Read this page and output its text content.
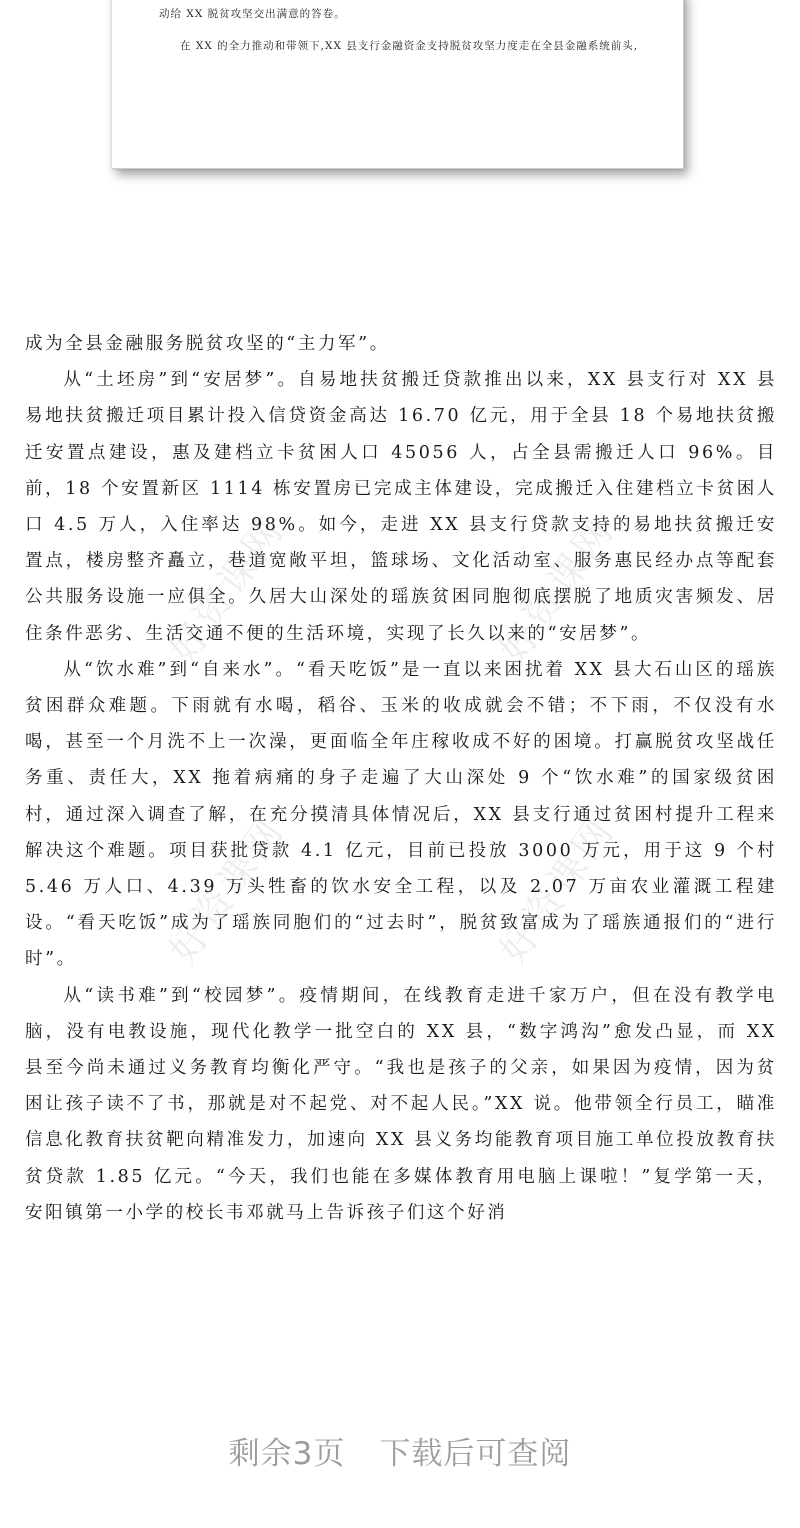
动给 XX 脱贫攻坚交出满意的答卷。
在 XX 的全力推动和带领下,XX 县支行金融资金支持脱贫攻坚力度走在全县金融系统前头,

成为全县金融服务脱贫攻坚的“主力军”。

从“土坯房”到“安居梦”。自易地扶贫搬迁贷款推出以来，XX 县支行对 XX 县易地扶贫搬迁项目累计投入信贷资金高达 16.70 亿元，用于全县 18 个易地扶贫搬迁安置点建设，惠及建档立卡贫困人口 45056 人，占全县需搬迁人口 96%。目前，18 个安置新区 1114 栋安置房已完成主体建设，完成搬迁入住建档立卡贫困人口 4.5 万人，入住率达 98%。如今，走进 XX 县支行贷款支持的易地扶贫搬迁安置点，楼房整齐矗立，巷道宽敞平坦，篮球场、文化活动室、服务惠民经办点等配套公共服务设施一应俱全。久居大山深处的瑶族贫困同胞彻底摆脱了地质灾害频发、居住条件恶劣、生活交通不便的生活环境，实现了长久以来的“安居梦”。

从“饮水难”到“自来水”。“看天吃饭”是一直以来困扰着 XX 县大石山区的瑶族贫困群众难题。下雨就有水喝，稻谷、玉米的收成就会不错；不下雨，不仅没有水喝，甚至一个月洗不上一次澡，更面临全年庄稼收成不好的困境。打赢脱贫攻坚战任务重、责任大，XX 拖着病痛的身子走遍了大山深处 9 个“饮水难”的国家级贫困村，通过深入调查了解，在充分摸清具体情况后，XX 县支行通过贫困村提升工程来解决这个难题。项目获批贷款 4.1 亿元，目前已投放 3000 万元，用于这 9 个村 5.46 万人口、4.39 万头牲畜的饮水安全工程，以及 2.07 万亩农业灌溉工程建设。“看天吃饭”成为了瑶族同胞们的“过去时”，脱贫致富成为了瑶族通报们的“进行时”。

从“读书难”到“校园梦”。疫情期间，在线教育走进千家万户，但在没有教学电脑，没有电教设施，现代化教学一批空白的 XX 县，“数字鸿沟”愈发凸显，而 XX 县至今尚未通过义务教育均衡化严守。“我也是孩子的父亲，如果因为疫情，因为贫困让孩子读不了书，那就是对不起党、对不起人民。”XX 说。他带领全行员工，瞄准信息化教育扶贫靶向精准发力，加速向 XX 县义务均能教育项目施工单位投放教育扶贫贷款 1.85 亿元。“今天，我们也能在多媒体教育用电脑上课啦！”复学第一天，安阳镇第一小学的校长韦邓就马上告诉孩子们这个好消

好资课网	好资课网
好资课网	好资课网
剩余3页 下载后可查阅
